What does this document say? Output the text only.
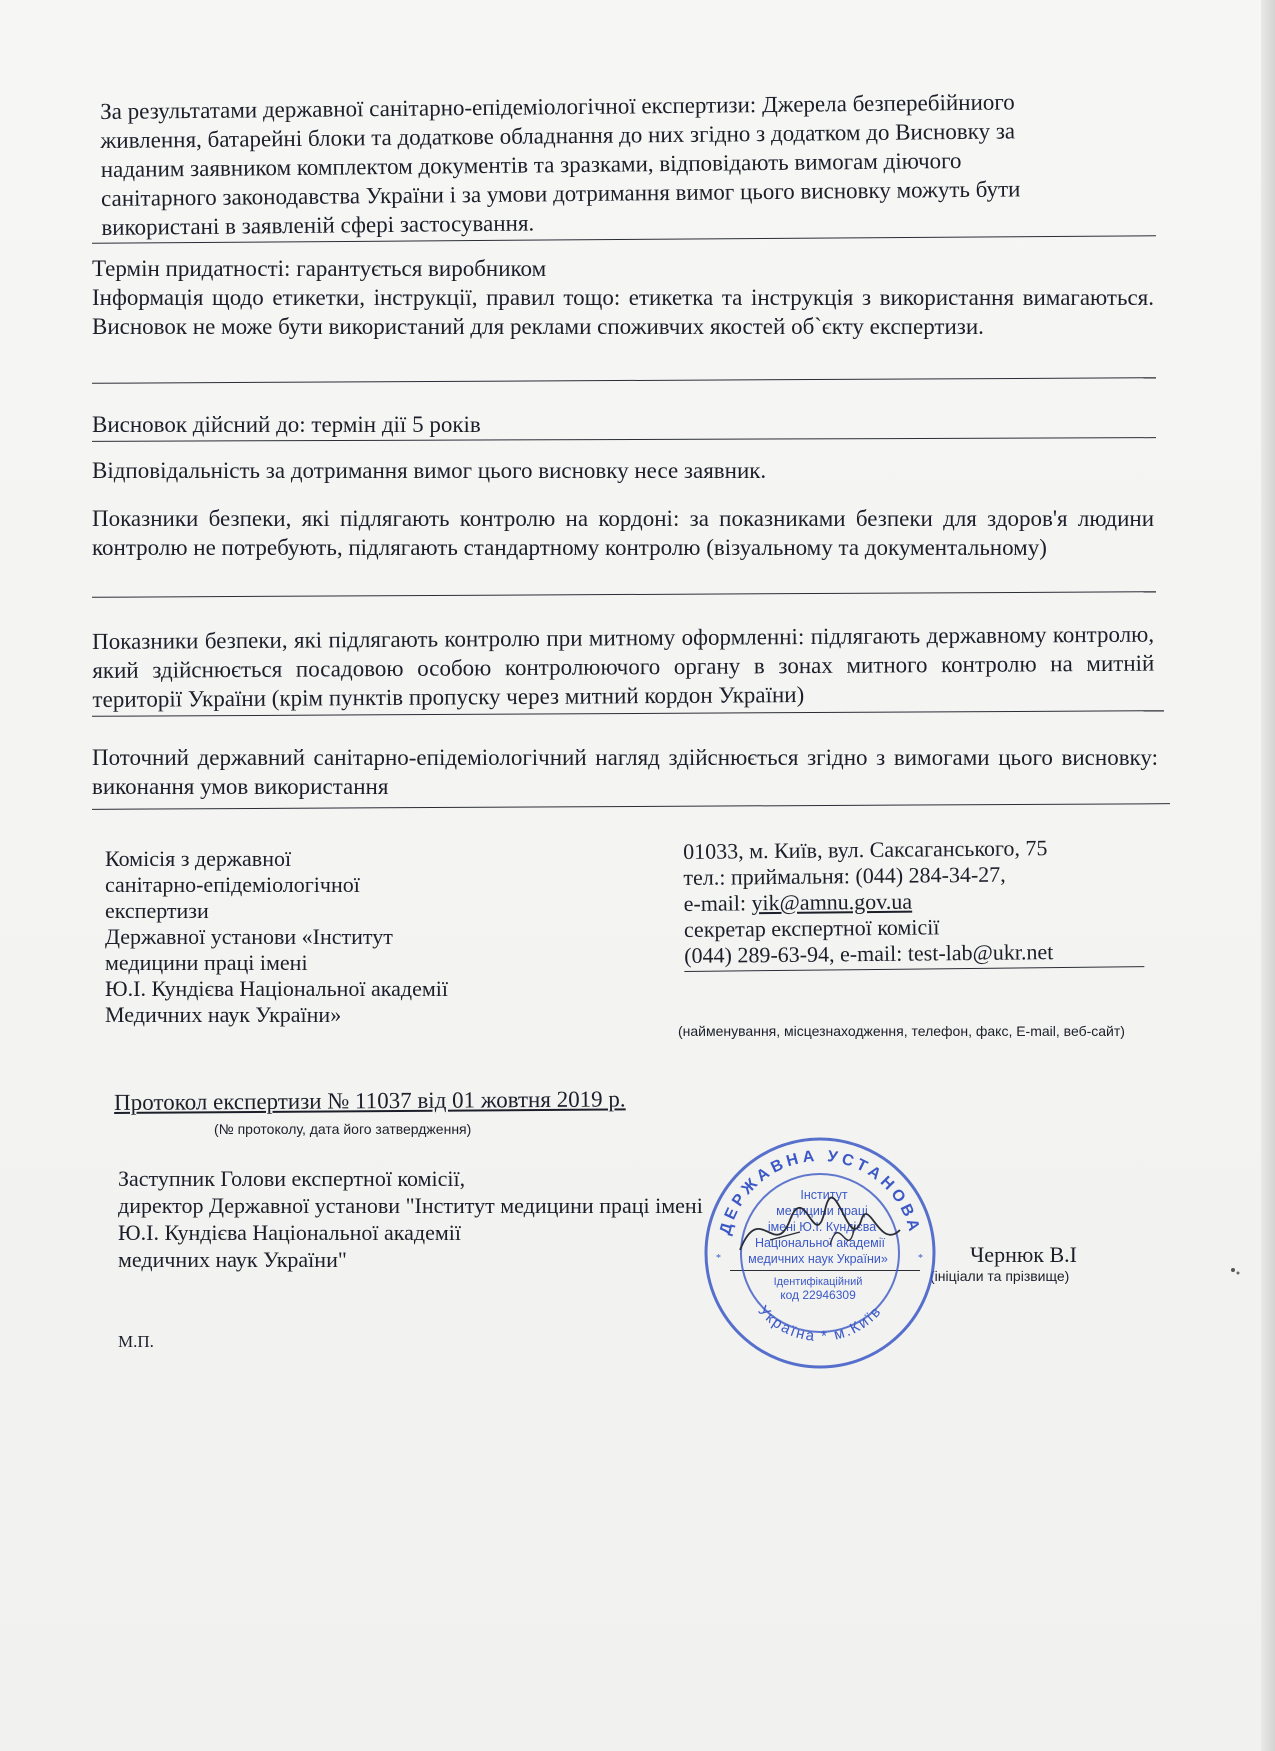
За результатами державної санітарно-епідеміологічної експертизи: Джерела безперебійниого
живлення, батарейні блоки та додаткове обладнання до них згідно з додатком до Висновку за
наданим заявником комплектом документів та зразками, відповідають вимогам діючого
санітарного законодавства України і за умови дотримання вимог цього висновку можуть бути
використані в заявленій сфері застосування.
Термін придатності: гарантується виробником
Інформація щодо етикетки, інструкції, правил тощо: етикетка та інструкція з використання вимагаються. Висновок не може бути використаний для реклами споживчих якостей об`єкту експертизи.
Висновок дійсний до: термін дії 5 років
Відповідальність за дотримання вимог цього висновку несе заявник.
Показники безпеки, які підлягають контролю на кордоні: за показниками безпеки для здоров'я людини контролю не потребують, підлягають стандартному контролю (візуальному та документальному)
Показники безпеки, які підлягають контролю при митному оформленні: підлягають державному контролю, який здійснюється посадовою особою контролюючого органу в зонах митного контролю на митній території України (крім пунктів пропуску через митний кордон України)
Поточний державний санітарно-епідеміологічний нагляд здійснюється згідно з вимогами цього висновку: виконання умов використання
Комісія з державної
санітарно-епідеміологічної
експертизи
Державної установи «Інститут
медицини праці імені
Ю.І. Кундієва Національної академії
Медичних наук України»
01033, м. Київ, вул. Саксаганського, 75
тел.: приймальня: (044) 284-34-27,
e-mail: yik@amnu.gov.ua
секретар експертної комісії
(044) 289-63-94, e-mail: test-lab@ukr.net
(найменування, місцезнаходження, телефон, факс, E-mail, веб-сайт)
Протокол експертизи № 11037 від 01 жовтня 2019 р.
(№ протоколу, дата його затвердження)
Заступник Голови експертної комісії,
директор Державної установи "Інститут медицини праці імені
Ю.І. Кундієва Національної академії
медичних наук України"	Чернюк В.І
(ініціали та прізвище)
М.П.
ДЕРЖАВНА УСТАНОВА
Україна * м.Київ
Інститут
медицини праці
імені Ю.І. Кундієва
Національної академії
медичних наук України»
Ідентифікаційний
код 22946309
*	*
